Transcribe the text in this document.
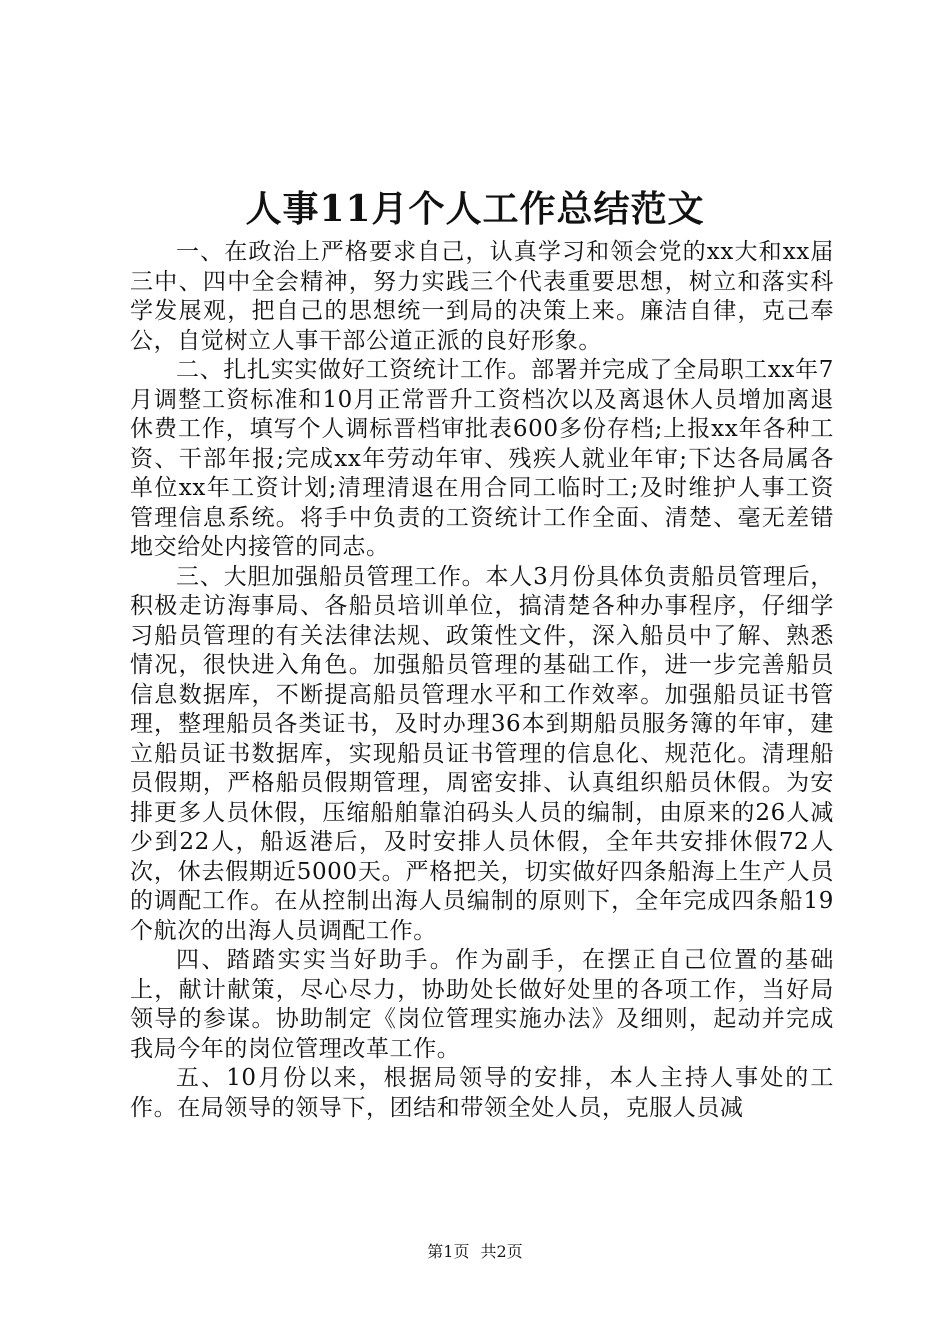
人事11月个人工作总结范文

一、在政治上严格要求自己，认真学习和领会党的xx大和xx届三中、四中全会精神，努力实践三个代表重要思想，树立和落实科学发展观，把自己的思想统一到局的决策上来。廉洁自律，克己奉公，自觉树立人事干部公道正派的良好形象。

二、扎扎实实做好工资统计工作。部署并完成了全局职工xx年7月调整工资标准和10月正常晋升工资档次以及离退休人员增加离退休费工作，填写个人调标晋档审批表600多份存档;上报xx年各种工资、干部年报;完成xx年劳动年审、残疾人就业年审;下达各局属各单位xx年工资计划;清理清退在用合同工临时工;及时维护人事工资管理信息系统。将手中负责的工资统计工作全面、清楚、毫无差错地交给处内接管的同志。

三、大胆加强船员管理工作。本人3月份具体负责船员管理后，积极走访海事局、各船员培训单位，搞清楚各种办事程序，仔细学习船员管理的有关法律法规、政策性文件，深入船员中了解、熟悉情况，很快进入角色。加强船员管理的基础工作，进一步完善船员信息数据库，不断提高船员管理水平和工作效率。加强船员证书管理，整理船员各类证书，及时办理36本到期船员服务簿的年审，建立船员证书数据库，实现船员证书管理的信息化、规范化。清理船员假期，严格船员假期管理，周密安排、认真组织船员休假。为安排更多人员休假，压缩船舶靠泊码头人员的编制，由原来的26人减少到22人，船返港后，及时安排人员休假，全年共安排休假72人次，休去假期近5000天。严格把关，切实做好四条船海上生产人员的调配工作。在从控制出海人员编制的原则下，全年完成四条船19个航次的出海人员调配工作。

四、踏踏实实当好助手。作为副手，在摆正自己位置的基础上，献计献策，尽心尽力，协助处长做好处里的各项工作，当好局领导的参谋。协助制定《岗位管理实施办法》及细则，起动并完成我局今年的岗位管理改革工作。

五、10月份以来，根据局领导的安排，本人主持人事处的工作。在局领导的领导下，团结和带领全处人员，克服人员减

第1页 共2页
